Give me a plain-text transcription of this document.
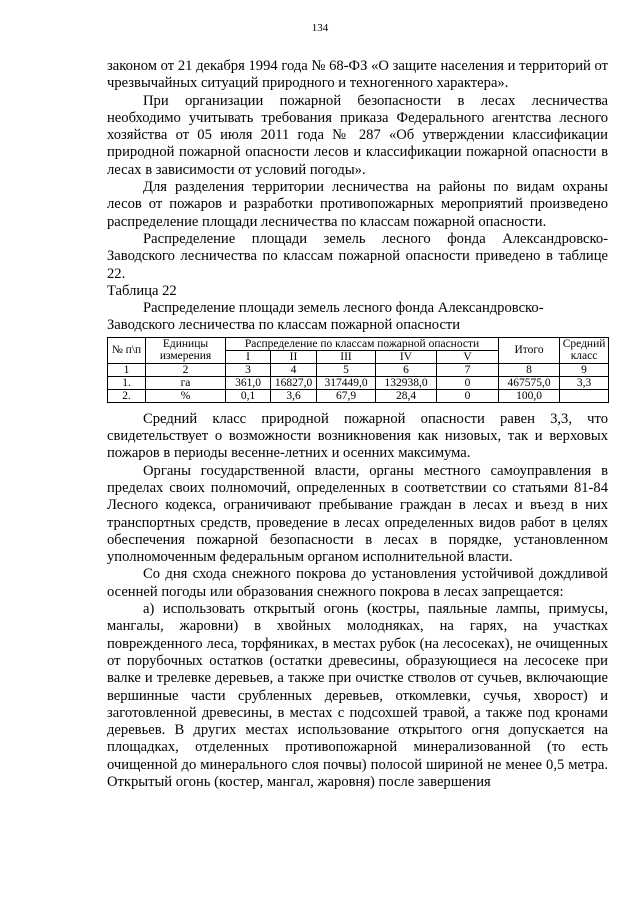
134

законом от 21 декабря 1994 года № 68-ФЗ «О защите населения и территорий от чрезвычайных ситуаций природного и техногенного характера».

При организации пожарной безопасности в лесах лесничества необходимо учитывать требования приказа Федерального агентства лесного хозяйства от 05 июля 2011 года № 287 «Об утверждении классификации природной пожарной опасности лесов и классификации пожарной опасности в лесах в зависимости от условий погоды».

Для разделения территории лесничества на районы по видам охраны лесов от пожаров и разработки противопожарных мероприятий произведено распределение площади лесничества по классам пожарной опасности.

Распределение площади земель лесного фонда Александровско-Заводского лесничества по классам пожарной опасности приведено в таблице 22.

Таблица 22

Распределение площади земель лесного фонда Александровско-

Заводского лесничества по классам пожарной опасности

№ п\п	Единицы измерения	Распределение по классам пожарной опасности					Итого	Средний класс
		I	II	III	IV	V		
1	2	3	4	5	6	7	8	9
1.	га	361,0	16827,0	317449,0	132938,0	0	467575,0	3,3
2.	%	0,1	3,6	67,9	28,4	0	100,0	

Средний класс природной пожарной опасности равен 3,3, что свидетельствует о возможности возникновения как низовых, так и верховых пожаров в периоды весенне-летних и осенних максимума.

Органы государственной власти, органы местного самоуправления в пределах своих полномочий, определенных в соответствии со статьями 81-84 Лесного кодекса, ограничивают пребывание граждан в лесах и въезд в них транспортных средств, проведение в лесах определенных видов работ в целях обеспечения пожарной безопасности в лесах в порядке, установленном уполномоченным федеральным органом исполнительной власти.

Со дня схода снежного покрова до установления устойчивой дождливой осенней погоды или образования снежного покрова в лесах запрещается:

а) использовать открытый огонь (костры, паяльные лампы, примусы, мангалы, жаровни) в хвойных молодняках, на гарях, на участках поврежденного леса, торфяниках, в местах рубок (на лесосеках), не очищенных от порубочных остатков (остатки древесины, образующиеся на лесосеке при валке и трелевке деревьев, а также при очистке стволов от сучьев, включающие вершинные части срубленных деревьев, откомлевки, сучья, хворост) и заготовленной древесины, в местах с подсохшей травой, а также под кронами деревьев. В других местах использование открытого огня допускается на площадках, отделенных противопожарной минерализованной (то есть очищенной до минерального слоя почвы) полосой шириной не менее 0,5 метра. Открытый огонь (костер, мангал, жаровня) после завершения
